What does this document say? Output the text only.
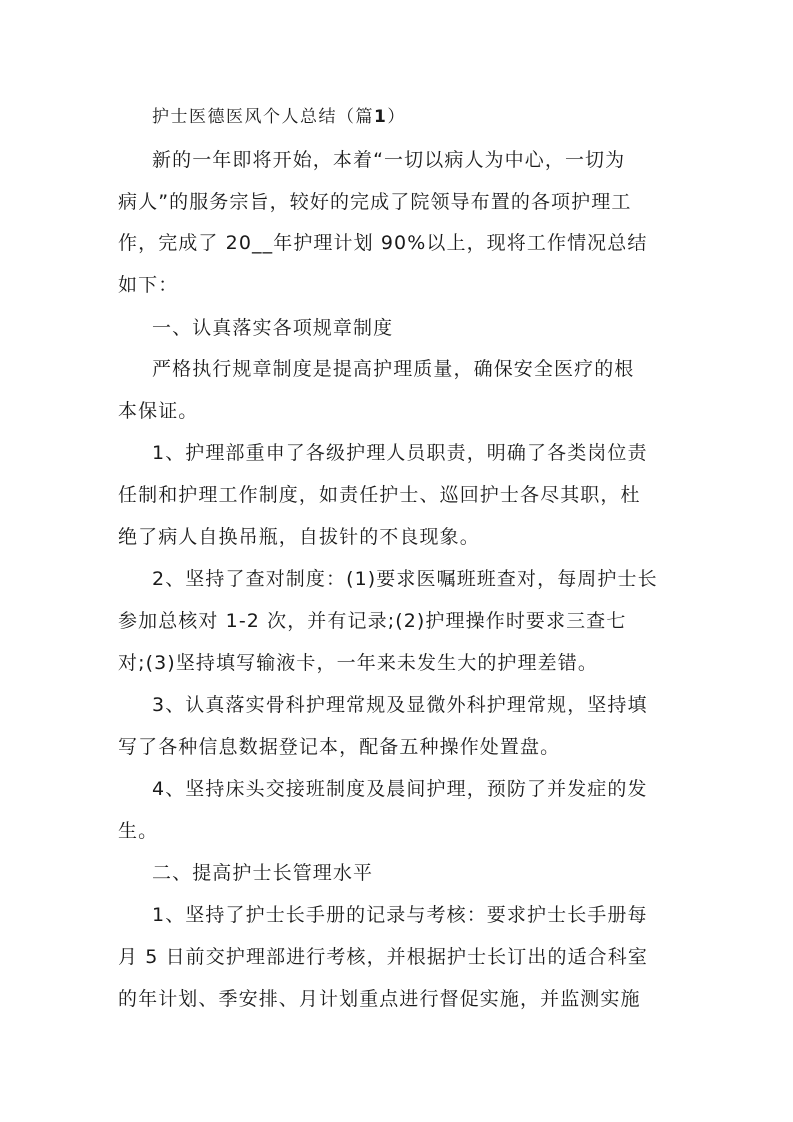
护士医德医风个人总结（篇1）
新的一年即将开始，本着“一切以病人为中心，一切为
病人”的服务宗旨，较好的完成了院领导布置的各项护理工
作，完成了 20__年护理计划 90%以上，现将工作情况总结
如下：
一、认真落实各项规章制度
严格执行规章制度是提高护理质量，确保安全医疗的根
本保证。
1、护理部重申了各级护理人员职责，明确了各类岗位责
任制和护理工作制度，如责任护士、巡回护士各尽其职，杜
绝了病人自换吊瓶，自拔针的不良现象。
2、坚持了查对制度：(1)要求医嘱班班查对，每周护士长
参加总核对 1-2 次，并有记录;(2)护理操作时要求三查七
对;(3)坚持填写输液卡，一年来未发生大的护理差错。
3、认真落实骨科护理常规及显微外科护理常规，坚持填
写了各种信息数据登记本，配备五种操作处置盘。
4、坚持床头交接班制度及晨间护理，预防了并发症的发
生。
二、提高护士长管理水平
1、坚持了护士长手册的记录与考核：要求护士长手册每
月 5 日前交护理部进行考核，并根据护士长订出的适合科室
的年计划、季安排、月计划重点进行督促实施，并监测实施
